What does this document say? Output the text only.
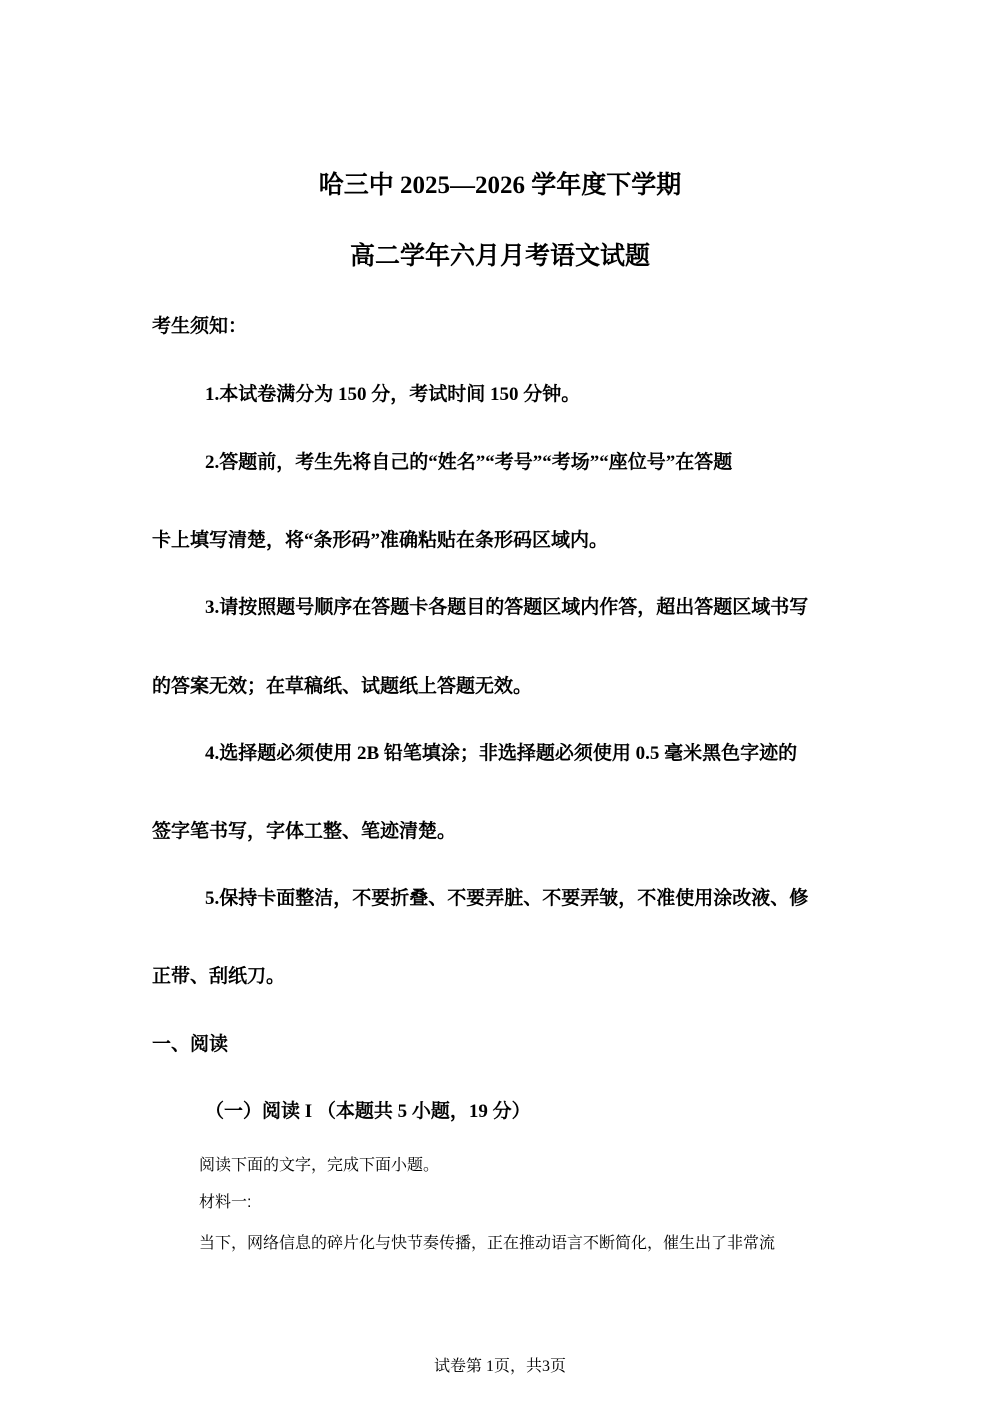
哈三中 2025—2026 学年度下学期
高二学年六月月考语文试题
考生须知：
1.本试卷满分为 150 分，考试时间 150 分钟。
2.答题前，考生先将自己的“姓名”“考号”“考场”“座位号”在答题
卡上填写清楚，将“条形码”准确粘贴在条形码区域内。
3.请按照题号顺序在答题卡各题目的答题区域内作答，超出答题区域书写
的答案无效；在草稿纸、试题纸上答题无效。
4.选择题必须使用 2B 铅笔填涂；非选择题必须使用 0.5 毫米黑色字迹的
签字笔书写，字体工整、笔迹清楚。
5.保持卡面整洁，不要折叠、不要弄脏、不要弄皱，不准使用涂改液、修
正带、刮纸刀。
一、阅读
（一）阅读 I （本题共 5 小题，19 分）
阅读下面的文字，完成下面小题。
材料一:
当下，网络信息的碎片化与快节奏传播，正在推动语言不断简化，催生出了非常流
试卷第 1页，共3页
